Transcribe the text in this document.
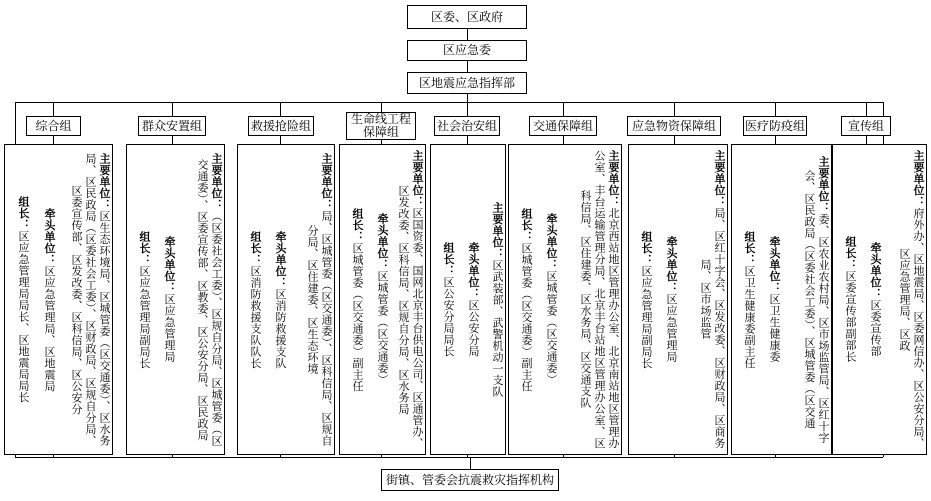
区委、区政府
区应急委
区地震应急指挥部
街镇、管委会抗震救灾指挥机构
综合组
组长：区应急管理局局长、区地震局局长	牵头单位：区应急管理局、区地震局
主要单位：区生态环境局、区城管委（区交通委）、区水务局、区民政局（区委社会工委）、区财政局、区规自分局、区委宣传部、区发改委、区科信局、区公安分
群众安置组
组长：区应急管理局副局长	牵头单位：区应急管理局
主要单位：（区委社会工委）、区规自分局、区城管委（区交通委）、区委宣传部、区教委、区公安分局、区民政局
救援抢险组
组长：区消防救援支队队长
牵头单位：区消防救援支队
主要单位：局、区城管委（区交通委）、区科信局、区规自分局、区住建委、区生态环境
生命线工程保障组
组长：区城管委（区交通委）副主任	牵头单位：区城管委（区交通委）
主要单位：区国资委、国网北京丰台供电公司、区通管办、区发改委、区科信局、区规自分局、区水务局
社会治安组
组长：区公安分局局长
牵头单位：区公安分局
主要单位：区武装部、武警机动一支队
交通保障组
组长：区城管委（区交通委）副主任	牵头单位：区城管委（区交通委）
主要单位：北京西站地区管理办公室、北京南站地区管理办公室、丰台运输管理分局、北京丰台站地区管理办公室、区科信局、区住建委、区水务局、区交通支队
应急物资保障组
组长：区应急管理局副局长	牵头单位：区应急管理局
主要单位：局、区红十字会、区发改委、区财政局、区商务局、区市场监管
医疗防疫组
组长：区卫生健康委副主任	牵头单位：区卫生健康委
主要单位：委、区农业农村局、区市场监管局、区红十字会、区民政局（区委社会工委）、区城管委（区交通
宣传组
组长：区委宣传部副部长	牵头单位：区委宣传部
主要单位：府外办、区地震局、区委网信办、区公安分局、区应急管理局、区政
